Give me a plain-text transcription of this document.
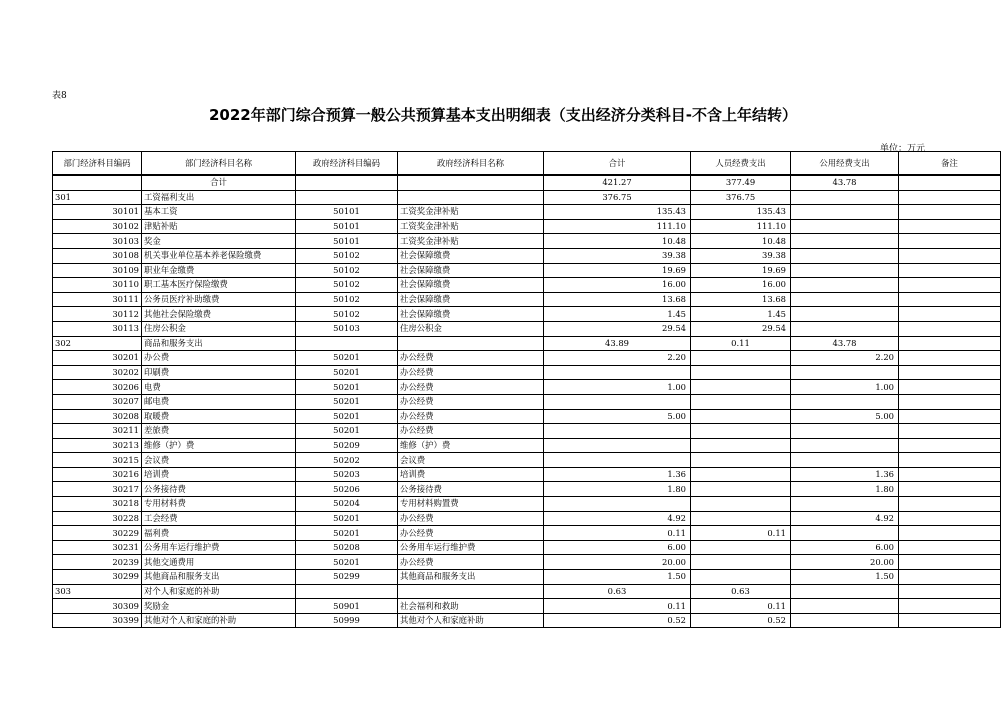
表8
2022年部门综合预算一般公共预算基本支出明细表（支出经济分类科目-不含上年结转）
单位：万元
部门经济科目编码	部门经济科目名称	政府经济科目编码	政府经济科目名称	合计	人员经费支出	公用经费支出	备注
	合计			421.27	377.49	43.78	
301	工资福利支出			376.75	376.75		
30101	基本工资	50101	工资奖金津补贴	135.43	135.43		
30102	津贴补贴	50101	工资奖金津补贴	111.10	111.10		
30103	奖金	50101	工资奖金津补贴	10.48	10.48		
30108	机关事业单位基本养老保险缴费	50102	社会保障缴费	39.38	39.38		
30109	职业年金缴费	50102	社会保障缴费	19.69	19.69		
30110	职工基本医疗保险缴费	50102	社会保障缴费	16.00	16.00		
30111	公务员医疗补助缴费	50102	社会保障缴费	13.68	13.68		
30112	其他社会保险缴费	50102	社会保障缴费	1.45	1.45		
30113	住房公积金	50103	住房公积金	29.54	29.54		
302	商品和服务支出			43.89	0.11	43.78	
30201	办公费	50201	办公经费	2.20		2.20	
30202	印刷费	50201	办公经费				
30206	电费	50201	办公经费	1.00		1.00	
30207	邮电费	50201	办公经费				
30208	取暖费	50201	办公经费	5.00		5.00	
30211	差旅费	50201	办公经费				
30213	维修（护）费	50209	维修（护）费				
30215	会议费	50202	会议费				
30216	培训费	50203	培训费	1.36		1.36	
30217	公务接待费	50206	公务接待费	1.80		1.80	
30218	专用材料费	50204	专用材料购置费				
30228	工会经费	50201	办公经费	4.92		4.92	
30229	福利费	50201	办公经费	0.11	0.11		
30231	公务用车运行维护费	50208	公务用车运行维护费	6.00		6.00	
20239	其他交通费用	50201	办公经费	20.00		20.00	
30299	其他商品和服务支出	50299	其他商品和服务支出	1.50		1.50	
303	对个人和家庭的补助			0.63	0.63		
30309	奖励金	50901	社会福利和救助	0.11	0.11		
30399	其他对个人和家庭的补助	50999	其他对个人和家庭补助	0.52	0.52		
